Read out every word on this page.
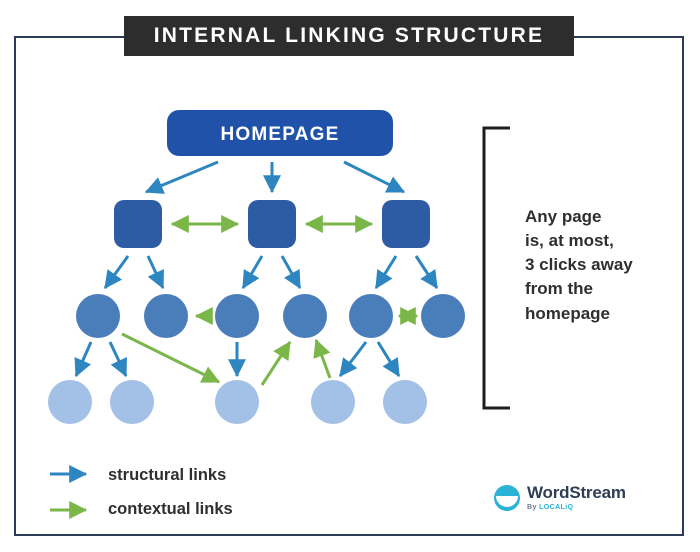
INTERNAL LINKING STRUCTURE
HOMEPAGE
Any page
is, at most,
3 clicks away
from the
homepage
structural links
contextual links
WordStream
By LOCALiQ
